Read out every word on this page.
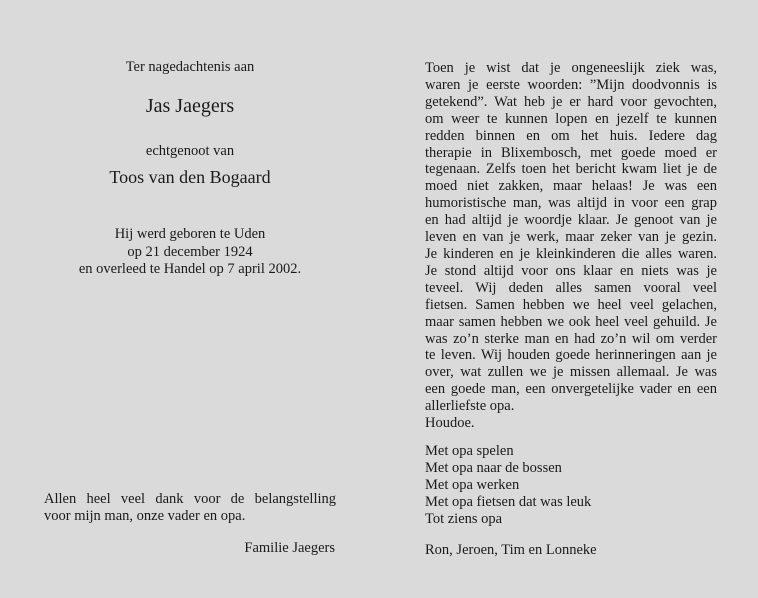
Ter nagedachtenis aan
Jas Jaegers
echtgenoot van
Toos van den Bogaard
Hij werd geboren te Uden
op 21 december 1924
en overleed te Handel op 7 april 2002.

Allen heel veel dank voor de belangstelling

voor mijn man, onze vader en opa.

Familie Jaegers
Toen je wist dat je ongeneeslijk ziek was,
waren je eerste woorden: ”Mijn doodvonnis is
getekend”. Wat heb je er hard voor gevochten,
om weer te kunnen lopen en jezelf te kunnen
redden binnen en om het huis. Iedere dag
therapie in Blixembosch, met goede moed er
tegenaan. Zelfs toen het bericht kwam liet je de
moed niet zakken, maar helaas! Je was een
humoristische man, was altijd in voor een grap
en had altijd je woordje klaar. Je genoot van je
leven en van je werk, maar zeker van je gezin.
Je kinderen en je kleinkinderen die alles waren.
Je stond altijd voor ons klaar en niets was je
teveel. Wij deden alles samen vooral veel
fietsen. Samen hebben we heel veel gelachen,
maar samen hebben we ook heel veel gehuild. Je
was zo’n sterke man en had zo’n wil om verder
te leven. Wij houden goede herinneringen aan je
over, wat zullen we je missen allemaal. Je was
een goede man, een onvergetelijke vader en een
allerliefste opa.
Houdoe.
Met opa spelen
Met opa naar de bossen
Met opa werken
Met opa fietsen dat was leuk
Tot ziens opa
Ron, Jeroen, Tim en Lonneke
